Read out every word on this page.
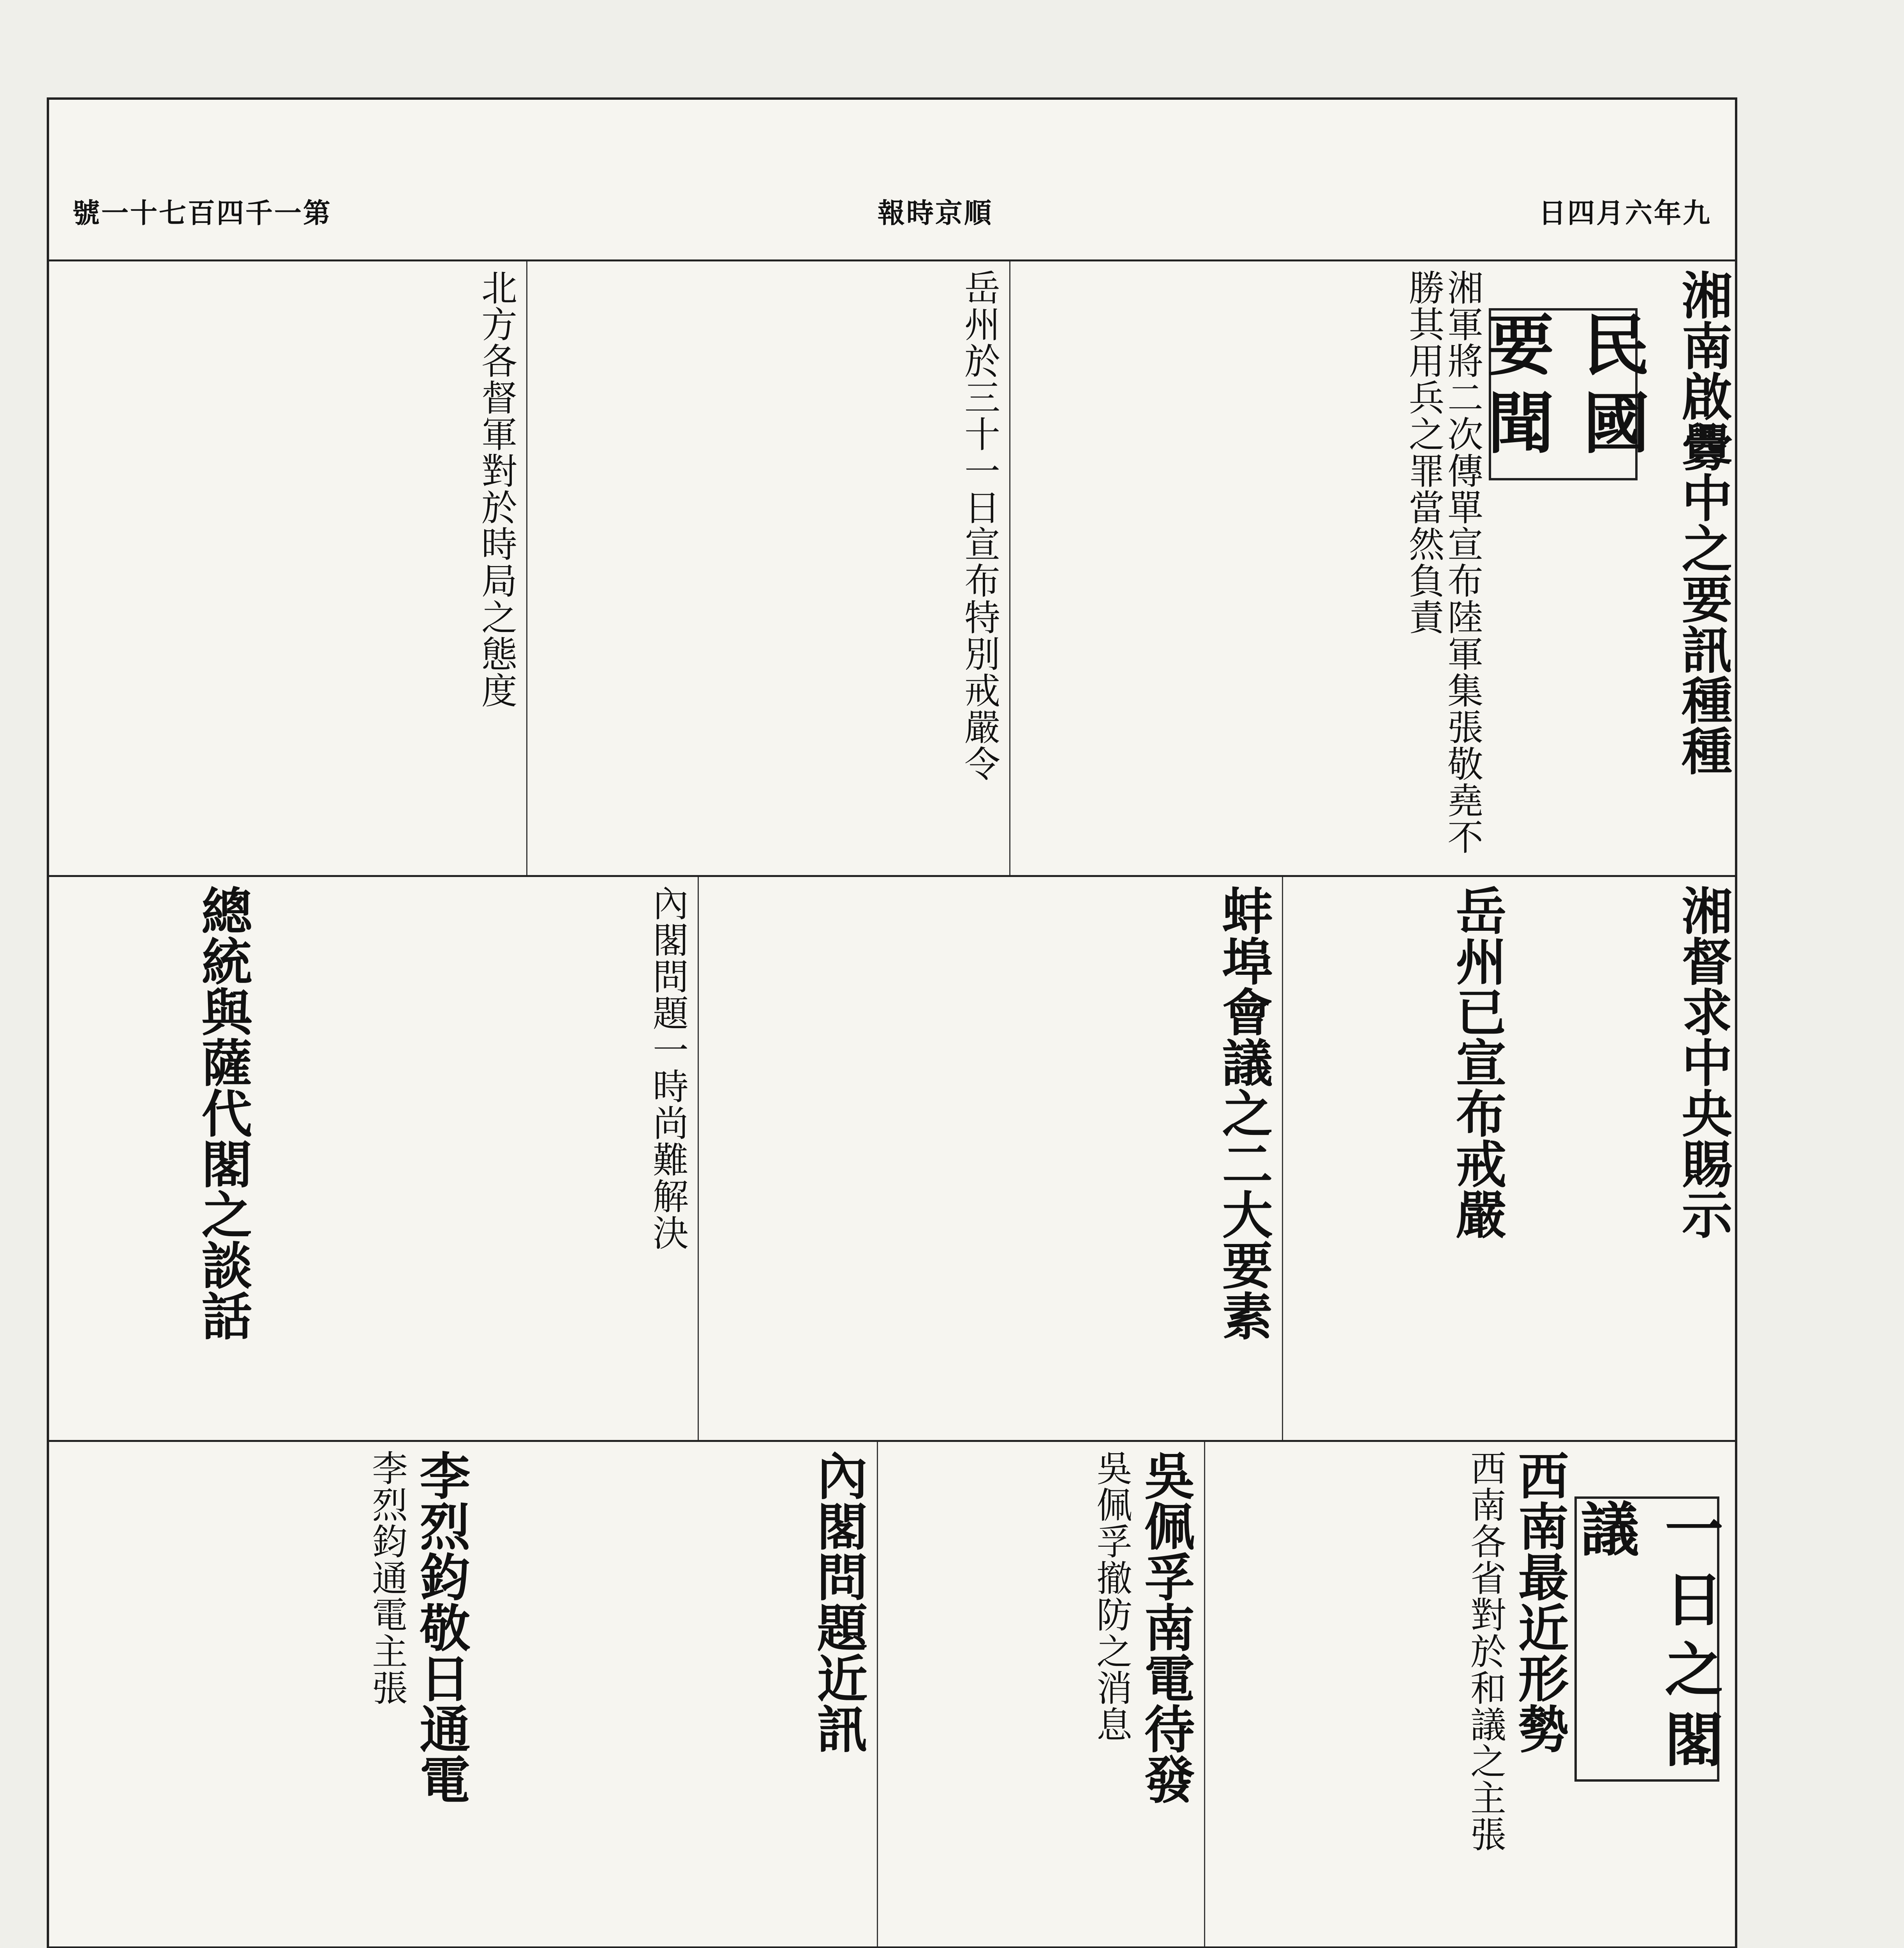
號一十七百四千一第	報時京順	日四月六年九
民國要聞	湘南啟釁中之要訊種種
湘軍將二次傳單宣布陸軍集張敬堯不勝其用兵之罪當然負責
岳州於三十一日宣布特別戒嚴令
北方各督軍對於時局之態度
湘督求中央賜示
岳州已宣布戒嚴
蚌埠會議之二大要素
內閣問題一時尚難解決
總統與薩代閣之談話
一日之閣議
西南最近形勢
西南各省對於和議之主張
吳佩孚南電待發
吳佩孚撤防之消息
內閣問題近訊
李烈鈞敬日通電
李烈鈞通電主張
